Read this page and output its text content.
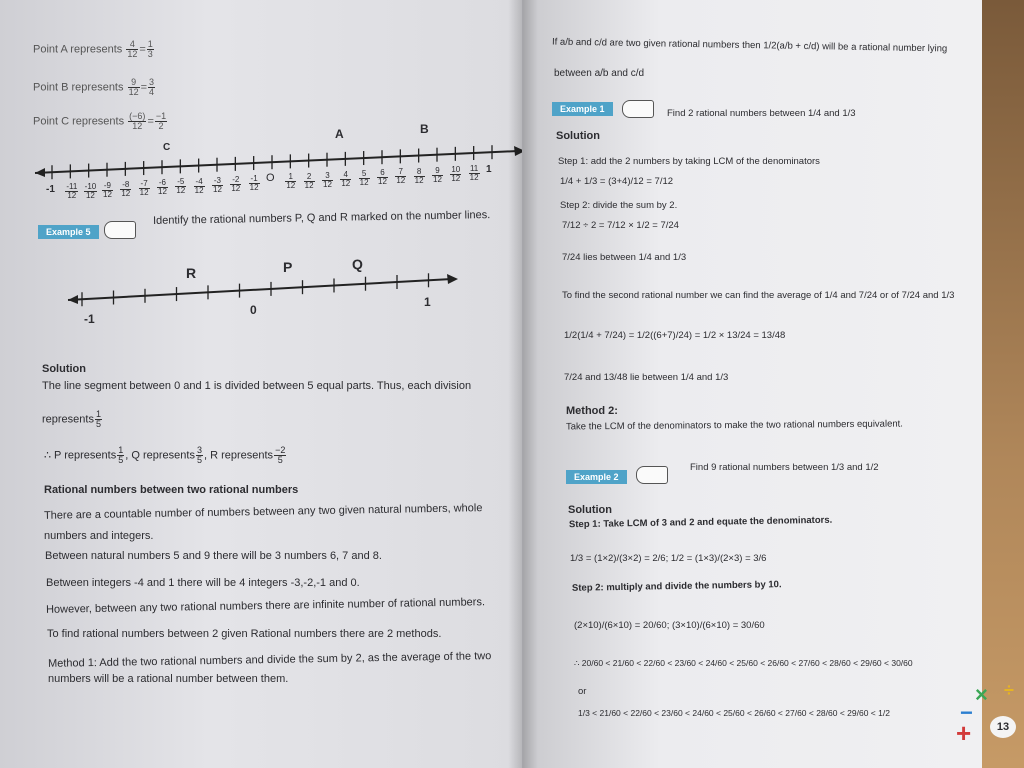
Point A represents $\frac{4}{12} = \frac{1}{3}$
Point B represents $\frac{9}{12} = \frac{3}{4}$
Point C represents $\frac{(-6)}{12} = \frac{-1}{2}$
A	B
C
O
$-1 \frac{-11}{12} \frac{-10}{12} \frac{-9}{12} \frac{-8}{12} \frac{-7}{12} \frac{-6}{12} \frac{-5}{12} \frac{-4}{12} \frac{-3}{12} \frac{-2}{12} \frac{-1}{12}$	$\frac{1}{12} \frac{2}{12} \frac{3}{12} \frac{4}{12} \frac{5}{12} \frac{6}{12} \frac{7}{12} \frac{8}{12} \frac{9}{12} \frac{10}{12} \frac{11}{12} 1$
Example 5
Identify the rational numbers P, Q and R marked on the number lines.
R	P	Q
-1
0
1
Solution
The line segment between 0 and 1 is divided between 5 equal parts. Thus, each division
represents $\frac{1}{5}$
∴ P represents $\frac{1}{5}$ , Q represents $\frac{3}{5}$ , R represents $\frac{-2}{5}$
Rational numbers between two rational numbers
There are a countable number of numbers between any two given natural numbers, whole
numbers and integers.
Between natural numbers 5 and 9 there will be 3 numbers 6, 7 and 8.
Between integers -4 and 1 there will be 4 integers -3,-2,-1 and 0.
However, between any two rational numbers there are infinite number of rational numbers.
To find rational numbers between 2 given Rational numbers there are 2 methods.
Method 1: Add the two rational numbers and divide the sum by 2, as the average of the two
numbers will be a rational number between them.
If a/b and c/d are two given rational numbers then 1/2(a/b + c/d) will be a rational number lying
between a/b and c/d
Example 1	Find 2 rational numbers between 1/4 and 1/3
Solution
Step 1: add the 2 numbers by taking LCM of the denominators
1/4 + 1/3 = (3+4)/12 = 7/12
Step 2: divide the sum by 2.
7/12 ÷ 2 = 7/12 × 1/2 = 7/24
7/24 lies between 1/4 and 1/3
To find the second rational number we can find the average of 1/4 and 7/24 or of 7/24 and 1/3
1/2(1/4 + 7/24) = 1/2((6+7)/24) = 1/2 × 13/24 = 13/48
7/24 and 13/48 lie between 1/4 and 1/3
Method 2:
Take the LCM of the denominators to make the two rational numbers equivalent.
Example 2
Find 9 rational numbers between 1/3 and 1/2
Solution
Step 1: Take LCM of 3 and 2 and equate the denominators.
1/3 = (1×2)/(3×2) = 2/6; 1/2 = (1×3)/(2×3) = 3/6
Step 2: multiply and divide the numbers by 10.
(2×10)/(6×10) = 20/60; (3×10)/(6×10) = 30/60
∴ 20/60 < 21/60 < 22/60 < 23/60 < 24/60 < 25/60 < 26/60 < 27/60 < 28/60 < 29/60 < 30/60
or
1/3 < 21/60 < 22/60 < 23/60 < 24/60 < 25/60 < 26/60 < 27/60 < 28/60 < 29/60 < 1/2
× ÷
+
−
13
